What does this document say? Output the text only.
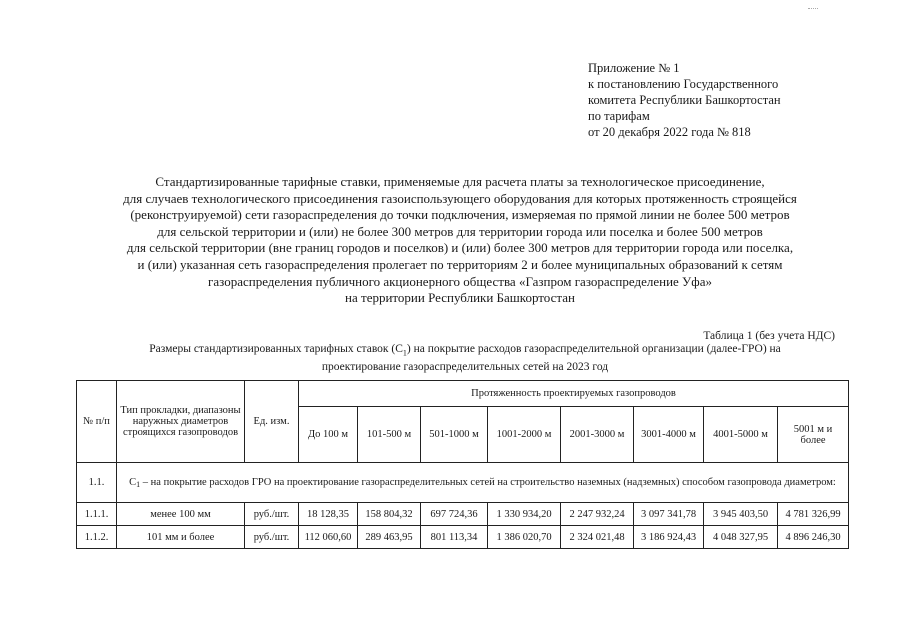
Приложение № 1
к постановлению Государственного
комитета Республики Башкортостан
по тарифам
от 20 декабря 2022 года № 818
Стандартизированные тарифные ставки, применяемые для расчета платы за технологическое присоединение,
для случаев технологического присоединения газоиспользующего оборудования для которых протяженность строящейся
(реконструируемой) сети газораспределения до точки подключения, измеряемая по прямой линии не более 500 метров
для сельской территории и (или) не более 300 метров для территории города или поселка и более 500 метров
для сельской территории (вне границ городов и поселков) и (или) более 300 метров для территории города или поселка,
и (или) указанная сеть газораспределения пролегает по территориям 2 и более муниципальных образований к сетям
газораспределения публичного акционерного общества «Газпром газораспределение Уфа»
на территории Республики Башкортостан
Таблица 1 (без учета НДС)
Размеры стандартизированных тарифных ставок $(С_1)$ на покрытие расходов газораспределительной организации (далее-ГРО) на
проектирование газораспределительных сетей на 2023 год
№ п/п	Тип прокладки, диапазоны наружных диаметров строящихся газопроводов	Ед. изм.	Протяженность проектируемых газопроводов							
			До 100 м	101-500 м	501-1000 м	1001-2000 м	2001-3000 м	3001-4000 м	4001-5000 м	5001 м и более
1.1.	С1 – на покрытие расходов ГРО на проектирование газораспределительных сетей на строительство наземных (надземных) способом газопровода диаметром:									
1.1.1.	менее 100 мм	руб./шт.	18 128,35	158 804,32	697 724,36	1 330 934,20	2 247 932,24	3 097 341,78	3 945 403,50	4 781 326,99
1.1.2.	101 мм и более	руб./шт.	112 060,60	289 463,95	801 113,34	1 386 020,70	2 324 021,48	3 186 924,43	4 048 327,95	4 896 246,30
